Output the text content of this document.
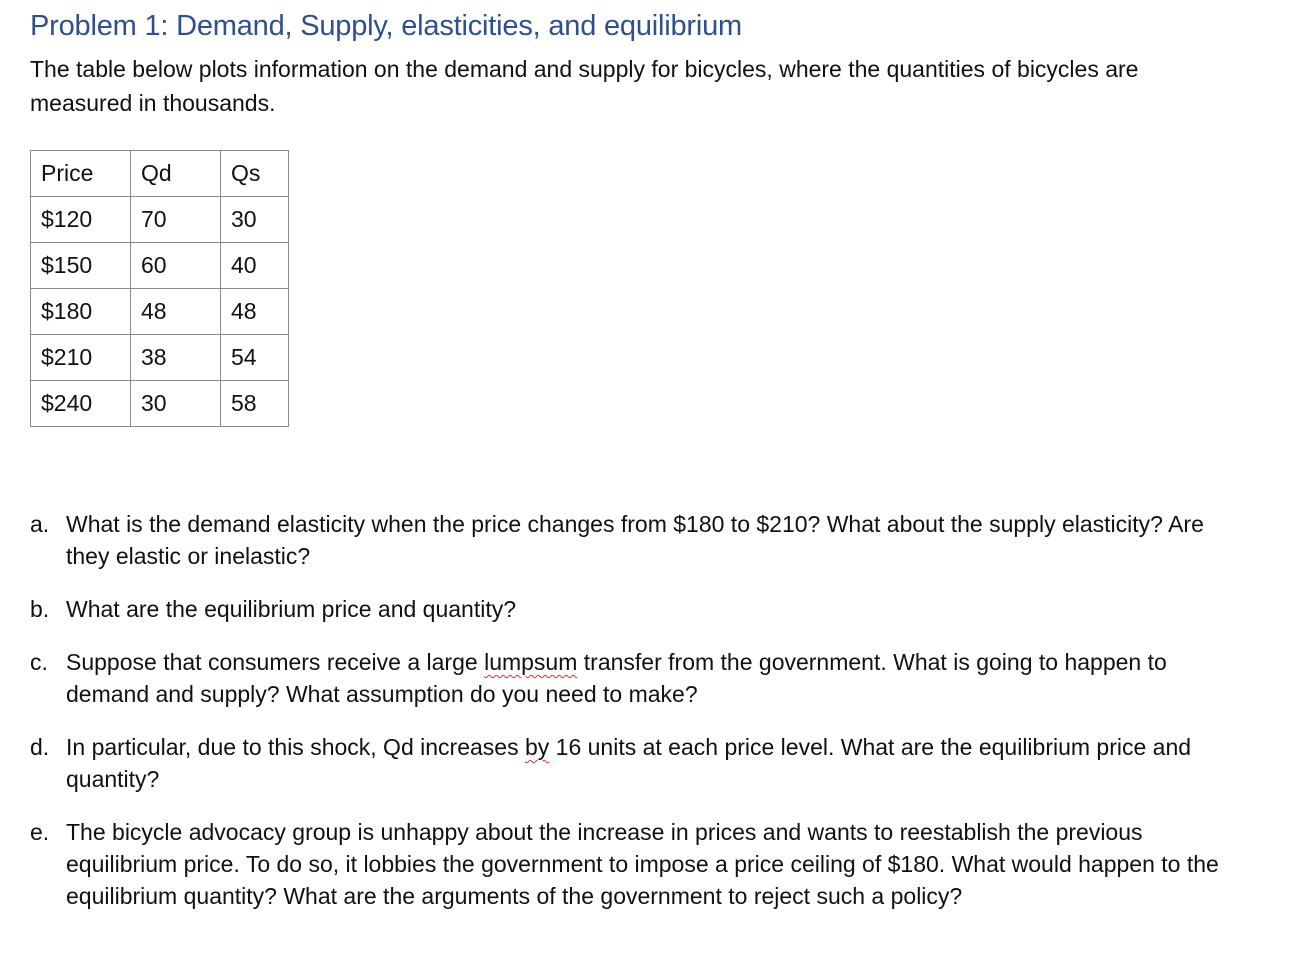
Problem 1: Demand, Supply, elasticities, and equilibrium
The table below plots information on the demand and supply for bicycles, where the quantities of bicycles are measured in thousands.
Price	Qd	Qs
$120	70	30
$150	60	40
$180	48	48
$210	38	54
$240	30	58
a. What is the demand elasticity when the price changes from $180 to $210? What about the supply elasticity? Are they elastic or inelastic?
b. What are the equilibrium price and quantity?
c. Suppose that consumers receive a large lumpsum transfer from the government. What is going to happen to demand and supply? What assumption do you need to make?
d. In particular, due to this shock, Qd increases by 16 units at each price level. What are the equilibrium price and quantity?
e. The bicycle advocacy group is unhappy about the increase in prices and wants to reestablish the previous equilibrium price. To do so, it lobbies the government to impose a price ceiling of $180. What would happen to the equilibrium quantity? What are the arguments of the government to reject such a policy?
